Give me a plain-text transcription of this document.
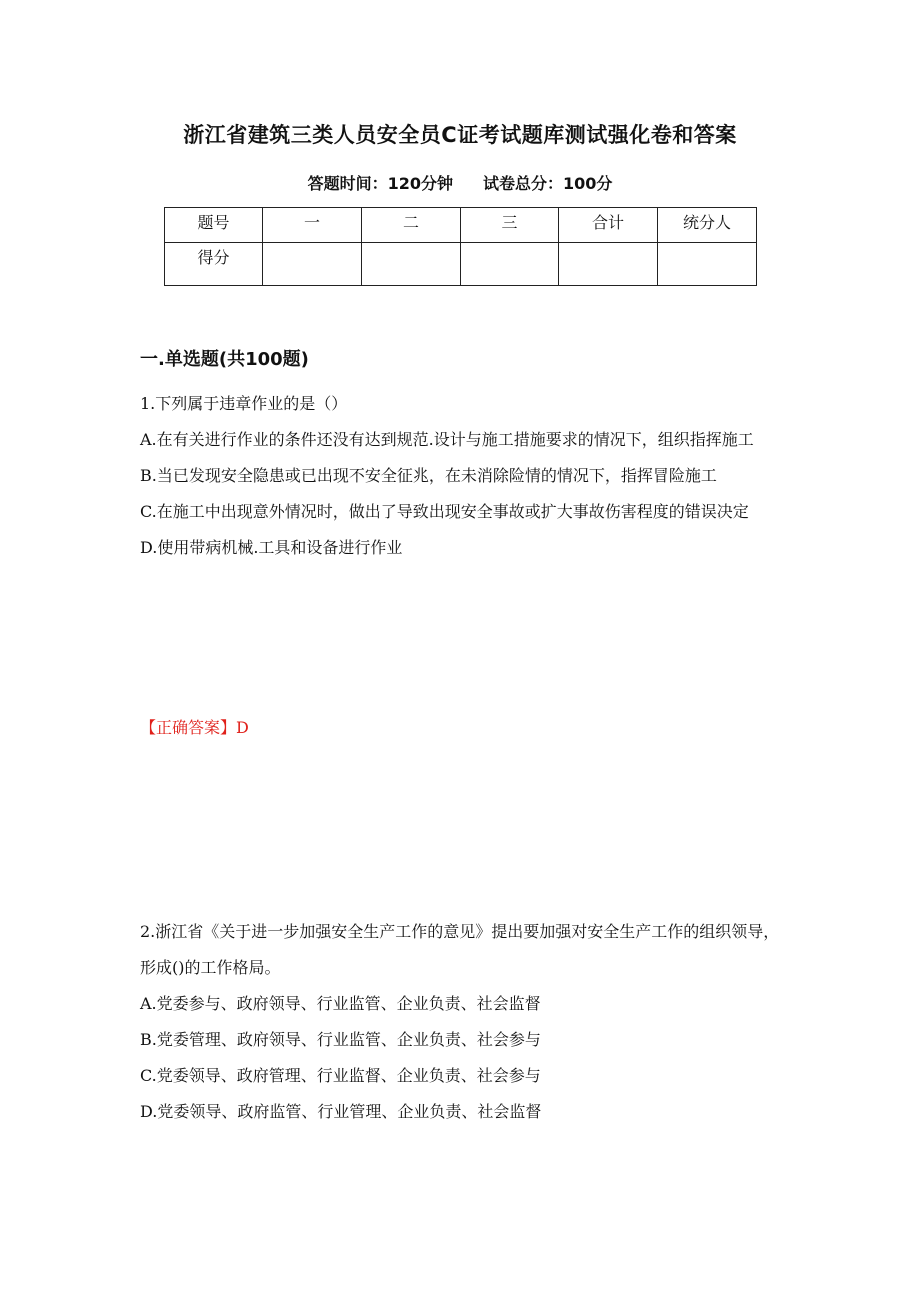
浙江省建筑三类人员安全员C证考试题库测试强化卷和答案
答题时间：120分钟 试卷总分：100分
题号	一	二	三	合计	统分人
得分					
一.单选题(共100题)

1.下列属于违章作业的是（）

A.在有关进行作业的条件还没有达到规范.设计与施工措施要求的情况下，组织指挥施工

B.当已发现安全隐患或已出现不安全征兆，在未消除险情的情况下，指挥冒险施工

C.在施工中出现意外情况时，做出了导致出现安全事故或扩大事故伤害程度的错误决定

D.使用带病机械.工具和设备进行作业

【正确答案】D

2.浙江省《关于进一步加强安全生产工作的意见》提出要加强对安全生产工作的组织领导，形成()的工作格局。

A.党委参与、政府领导、行业监管、企业负责、社会监督

B.党委管理、政府领导、行业监管、企业负责、社会参与

C.党委领导、政府管理、行业监督、企业负责、社会参与

D.党委领导、政府监管、行业管理、企业负责、社会监督
